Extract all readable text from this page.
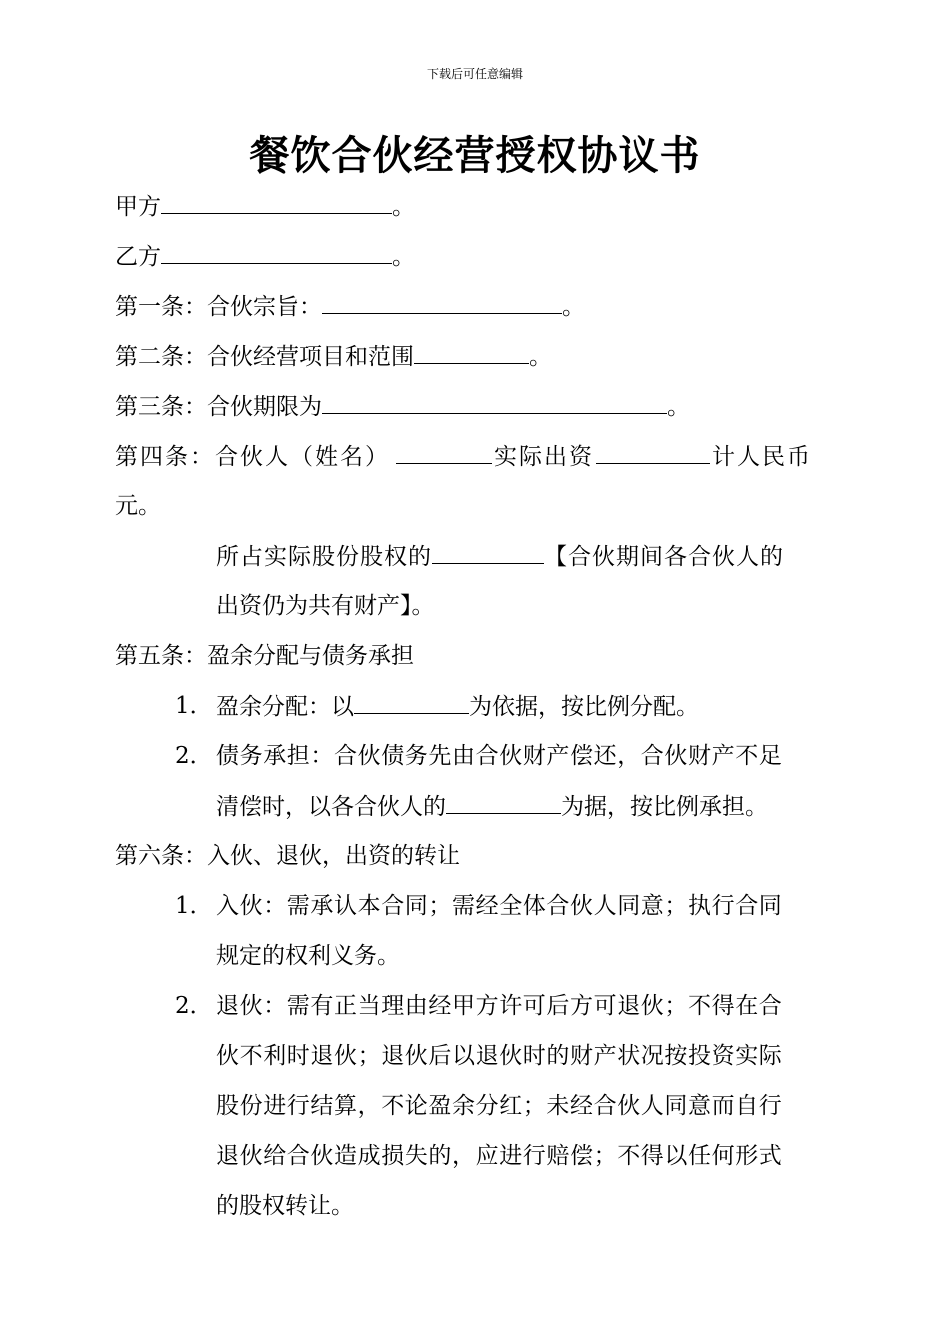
下载后可任意编辑
餐饮合伙经营授权协议书
甲方	。
乙方	。
第一条：合伙宗旨：	。
第二条：合伙经营项目和范围	。
第三条：合伙期限为	。
第四条：合伙人（姓名）	实际出资	计人民币
元。
所占实际股份股权的	【合伙期间各合伙人的
出资仍为共有财产】。
第五条：盈余分配与债务承担
1． 盈余分配：以	为依据，按比例分配。
2． 债务承担：合伙债务先由合伙财产偿还，合伙财产不足
清偿时，以各合伙人的	为据，按比例承担。
第六条：入伙、退伙，出资的转让
1． 入伙：需承认本合同；需经全体合伙人同意；执行合同
规定的权利义务。
2． 退伙：需有正当理由经甲方许可后方可退伙；不得在合
伙不利时退伙；退伙后以退伙时的财产状况按投资实际
股份进行结算，不论盈余分红；未经合伙人同意而自行
退伙给合伙造成损失的，应进行赔偿；不得以任何形式
的股权转让。
